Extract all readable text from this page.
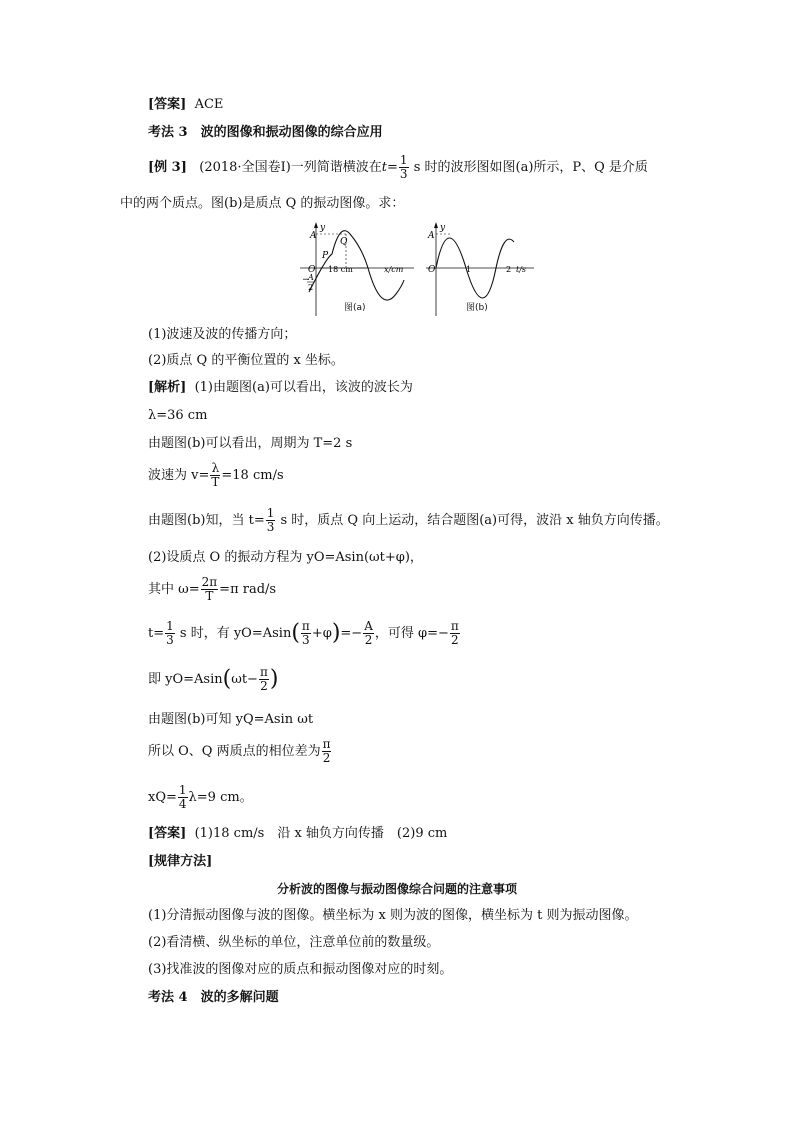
[答案] ACE
考法 3　波的图像和振动图像的综合应用
[例 3] (2018·全国卷Ⅰ)一列简谐横波在$t= \frac{1}{3}$ s 时的波形图如图(a)所示，P、Q 是介质
中的两个质点。图(b)是质点 Q 的振动图像。求：
A
y
Q
P
O 18 cm	x/cm
−
A
2
图(a)
A
y
O	1	2 t/s
图(b)
(1)波速及波的传播方向；
(2)质点 Q 的平衡位置的 x 坐标。
[解析] (1)由题图(a)可以看出，该波的波长为
λ=36 cm
由题图(b)可以看出，周期为 T=2 s
波速为 $v= \frac{\lambda}{T} =18$ cm/s
由题图(b)知，当 $t= \frac{1}{3}$ s 时，质点 Q 向上运动，结合题图(a)可得，波沿 x 轴负方向传播。
(2)设质点 O 的振动方程为 yO=Asin(ωt+φ)，
其中 $\omega= \frac{2\pi}{T} =\pi$ rad/s
$t= \frac{1}{3}$ s 时，有 $yO=Asin( \frac{\pi}{3} +\varphi)=- \frac{A}{2}$ ，可得 $\varphi=- \frac{\pi}{2}$
即 $yO=Asin(\omega t- \frac{\pi}{2}$ )
由题图(b)可知 yQ=Asin ωt
所以 O、Q 两质点的相位差为 $\frac{\pi}{2}$
$xQ= \frac{1}{4} \lambda=9$ cm。
[答案] (1)18 cm/s　沿 x 轴负方向传播　(2)9 cm
[规律方法]
分析波的图像与振动图像综合问题的注意事项
(1)分清振动图像与波的图像。横坐标为 x 则为波的图像，横坐标为 t 则为振动图像。
(2)看清横、纵坐标的单位，注意单位前的数量级。
(3)找准波的图像对应的质点和振动图像对应的时刻。
考法 4　波的多解问题
